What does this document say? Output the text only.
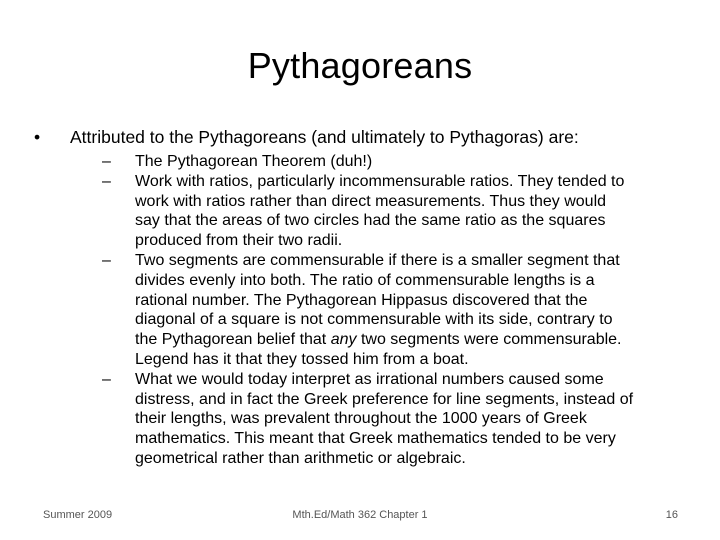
Pythagoreans
• Attributed to the Pythagoreans (and ultimately to Pythagoras) are:
– The Pythagorean Theorem (duh!)
– Work with ratios, particularly incommensurable ratios. They tended to
work with ratios rather than direct measurements. Thus they would
say that the areas of two circles had the same ratio as the squares
produced from their two radii.
– Two segments are commensurable if there is a smaller segment that
divides evenly into both. The ratio of commensurable lengths is a
rational number. The Pythagorean Hippasus discovered that the
diagonal of a square is not commensurable with its side, contrary to
the Pythagorean belief that any two segments were commensurable.
Legend has it that they tossed him from a boat.
– What we would today interpret as irrational numbers caused some
distress, and in fact the Greek preference for line segments, instead of
their lengths, was prevalent throughout the 1000 years of Greek
mathematics. This meant that Greek mathematics tended to be very
geometrical rather than arithmetic or algebraic.
Summer 2009	Mth.Ed/Math 362 Chapter 1	16
